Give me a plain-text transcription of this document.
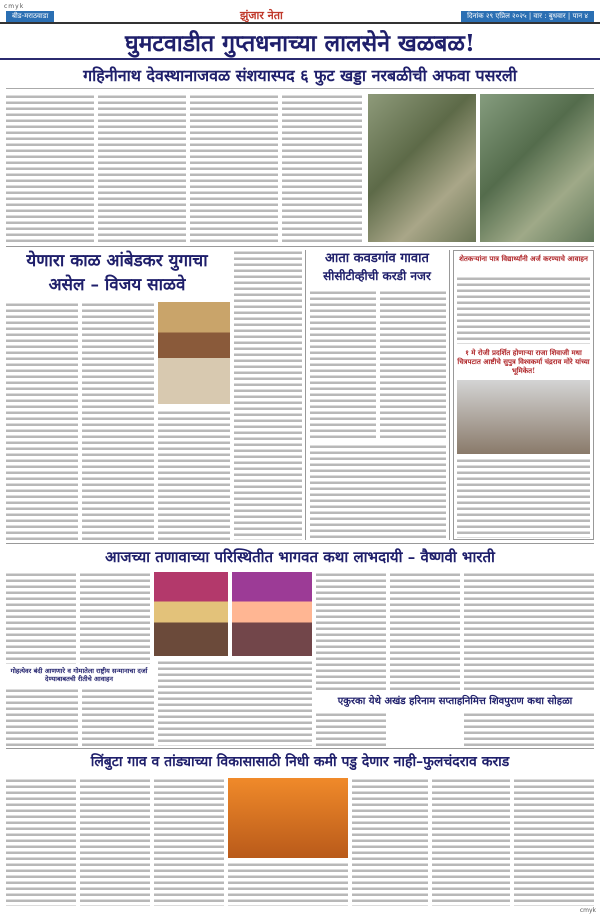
cmyk
बीड-मराठवाडा	झुंजार नेता	दिनांक २९ एप्रिल २०२५ | वार : बुधवार | पान ४
घुमटवाडीत गुप्तधनाच्या लालसेने खळबळ!
गहिनीनाथ देवस्थानाजवळ संशयास्पद ६ फुट खड्डा नरबळीची अफवा पसरली
येणारा काळ आंबेडकर युगाचा
असेल – विजय साळवे
आता कवडगांव गावात
सीसीटीव्हीची करडी नजर
शेतकऱ्यांना पात्र विद्यार्थ्यांनी अर्ज करण्याचे आवाहन
१ मे रोजी प्रदर्शित होणाऱ्या राजा शिवाजी मधा चित्रपटात आष्टीचे सुपुत्र विश्वकर्मा चंद्रराव मोरे यांच्या भूमिकेत!
आजच्या तणावाच्या परिस्थितीत भागवत कथा लाभदायी – वैष्णवी भारती
गोहत्येवर बंदी आणणारे व गोमातेला राष्ट्रीय सन्मानाचा दर्जा देण्याबाबतची रीतीचे आवाहन
एकुरका येथे अखंड हरिनाम सप्ताहनिमित्त शिवपुराण कथा सोहळा
लिंबुटा गाव व तांड्याच्या विकासासाठी निधी कमी पडु देणार नाही–फुलचंदराव कराड
cmyk
